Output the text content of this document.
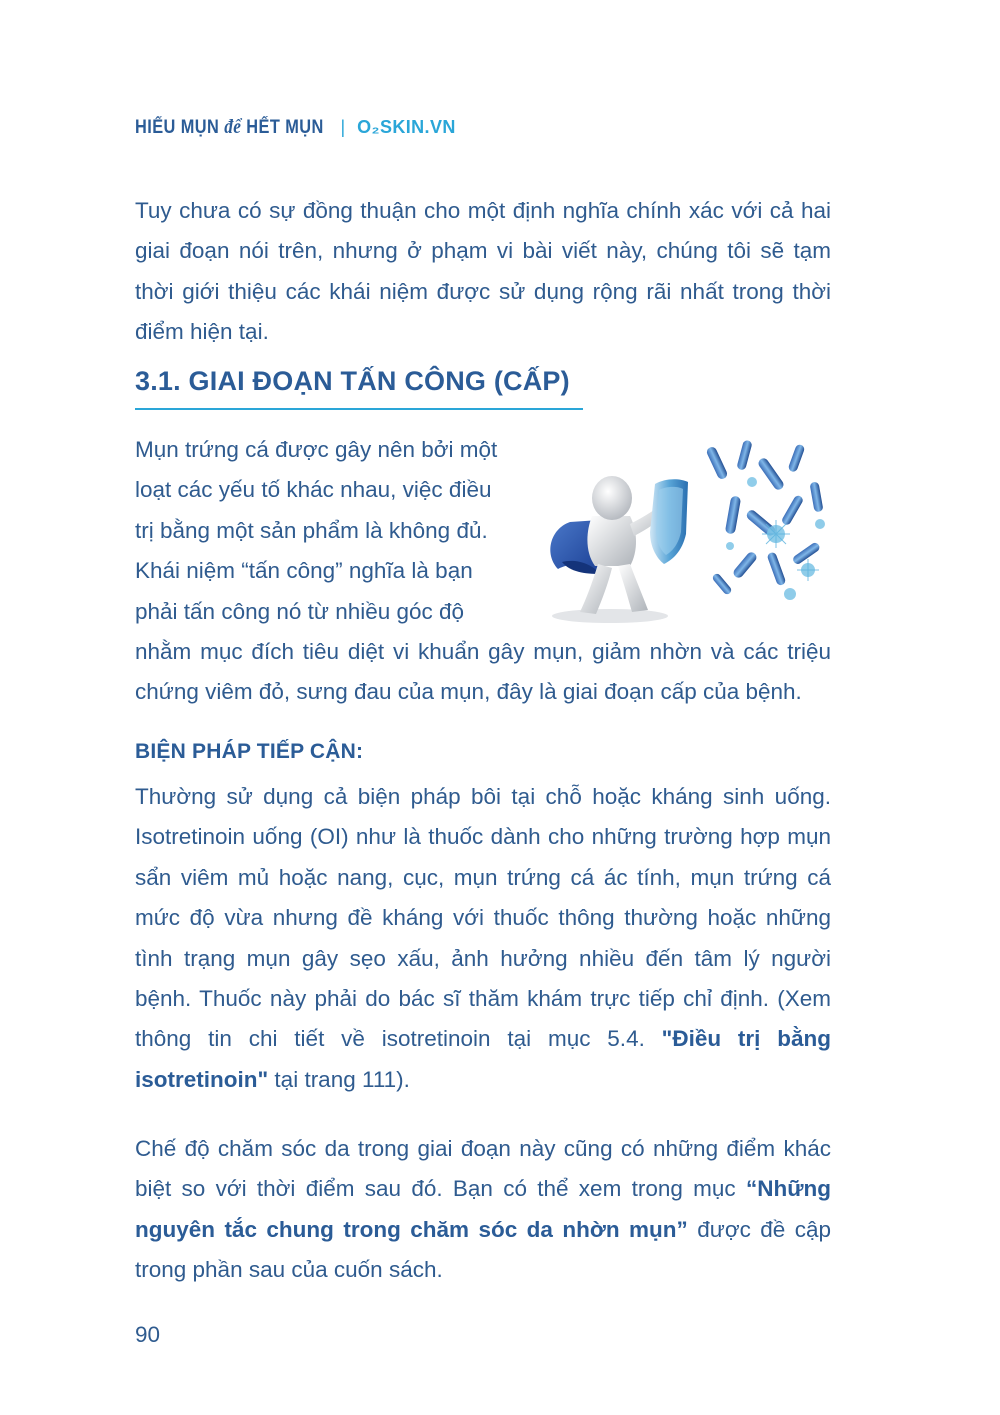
HIỂU MỤN để HẾT MỤN | O₂SKIN.VN

Tuy chưa có sự đồng thuận cho một định nghĩa chính xác với cả hai giai đoạn nói trên, nhưng ở phạm vi bài viết này, chúng tôi sẽ tạm thời giới thiệu các khái niệm được sử dụng rộng rãi nhất trong thời điểm hiện tại.

3.1. GIAI ĐOẠN TẤN CÔNG (CẤP)

Mụn trứng cá được gây nên bởi một
loạt các yếu tố khác nhau, việc điều
trị bằng một sản phẩm là không đủ.
Khái niệm “tấn công” nghĩa là bạn
phải tấn công nó từ nhiều góc độ

nhằm mục đích tiêu diệt vi khuẩn gây mụn, giảm nhờn và các triệu chứng viêm đỏ, sưng đau của mụn, đây là giai đoạn cấp của bệnh.

BIỆN PHÁP TIẾP CẬN:

Thường sử dụng cả biện pháp bôi tại chỗ hoặc kháng sinh uống. Isotretinoin uống (OI) như là thuốc dành cho những trường hợp mụn sẩn viêm mủ hoặc nang, cục, mụn trứng cá ác tính, mụn trứng cá mức độ vừa nhưng đề kháng với thuốc thông thường hoặc những tình trạng mụn gây sẹo xấu, ảnh hưởng nhiều đến tâm lý người bệnh. Thuốc này phải do bác sĩ thăm khám trực tiếp chỉ định. (Xem thông tin chi tiết về isotretinoin tại mục 5.4. "Điều trị bằng isotretinoin" tại trang 111).

Chế độ chăm sóc da trong giai đoạn này cũng có những điểm khác biệt so với thời điểm sau đó. Bạn có thể xem trong mục “Những nguyên tắc chung trong chăm sóc da nhờn mụn” được đề cập trong phần sau của cuốn sách.

90
